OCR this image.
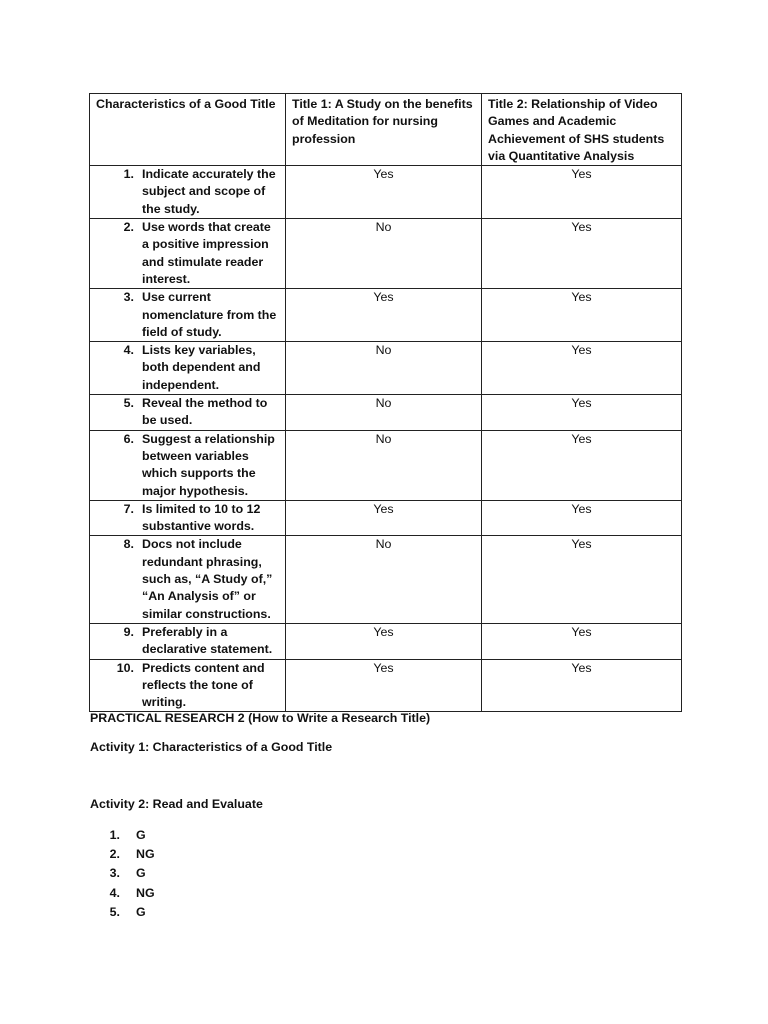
Characteristics of a Good Title	Title 1: A Study on the benefits of Meditation for nursing profession	Title 2: Relationship of Video Games and Academic Achievement of SHS students via Quantitative Analysis

1. Indicate accurately the subject and scope of the study.	Yes	Yes

2. Use words that create a positive impression and stimulate reader interest.	No	Yes

3. Use current nomenclature from the field of study.	Yes	Yes

4. Lists key variables, both dependent and independent.	No	Yes

5. Reveal the method to be used.	No	Yes

6. Suggest a relationship between variables which supports the major hypothesis.	No	Yes

7. Is limited to 10 to 12 substantive words.	Yes	Yes

8. Docs not include redundant phrasing, such as, “A Study of,” “An Analysis of” or similar constructions.	No	Yes

9. Preferably in a declarative statement.	Yes	Yes

10. Predicts content and reflects the tone of writing.	Yes	Yes

PRACTICAL RESEARCH 2 (How to Write a Research Title)

Activity 1: Characteristics of a Good Title

Activity 2: Read and Evaluate

1.	G
2.	NG
3.	G
4.	NG
5.	G
